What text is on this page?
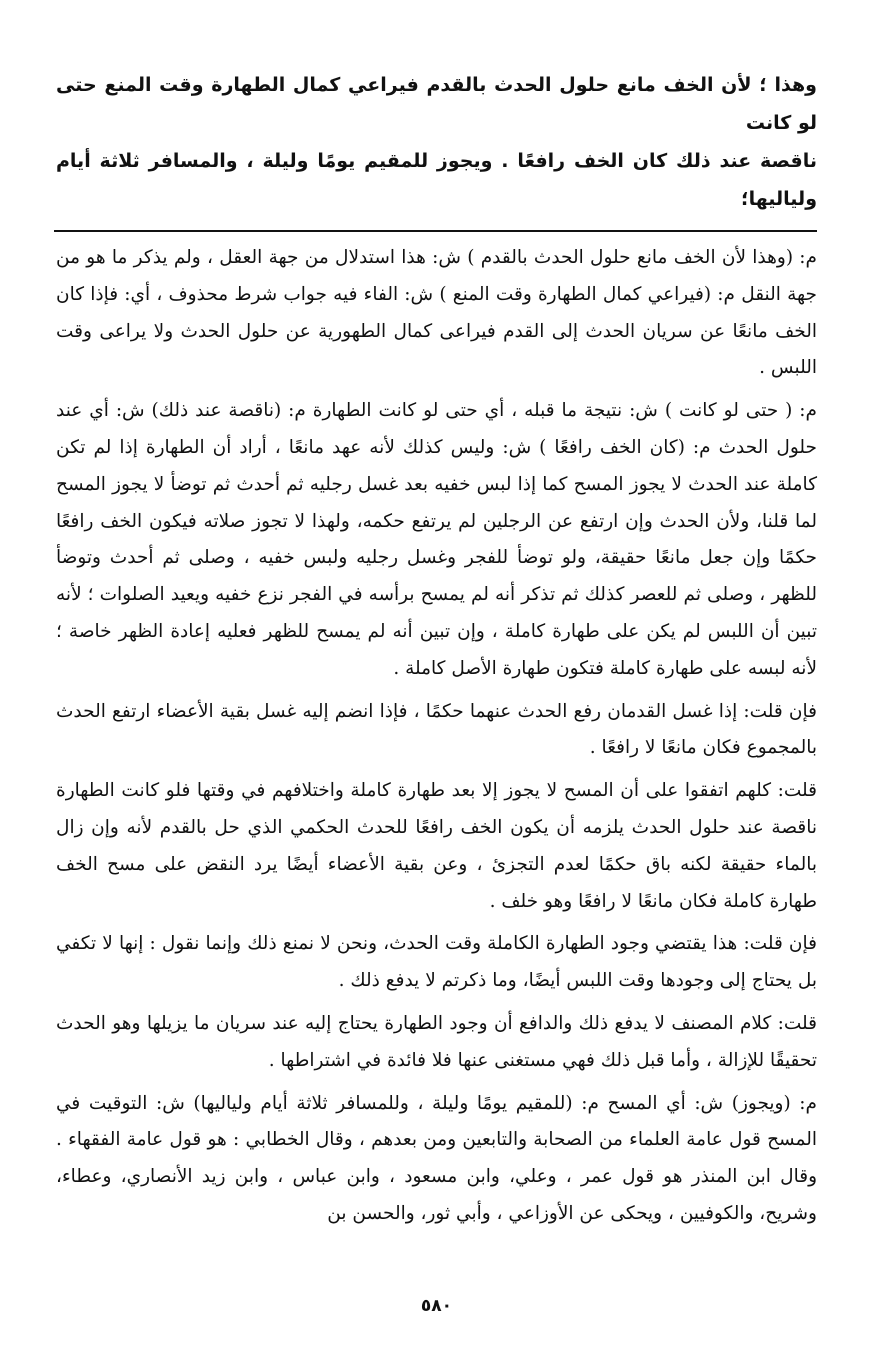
وهذا ؛ لأن الخف مانع حلول الحدث بالقدم فيراعي كمال الطهارة وقت المنع حتى لو كانت
ناقصة عند ذلك كان الخف رافعًا . ويجوز للمقيم يومًا وليلة ، والمسافر ثلاثة أيام ولياليها؛

م: (وهذا لأن الخف مانع حلول الحدث بالقدم ) ش: هذا استدلال من جهة العقل ، ولم يذكر ما هو من جهة النقل م: (فيراعي كمال الطهارة وقت المنع ) ش: الفاء فيه جواب شرط محذوف ، أي: فإذا كان الخف مانعًا عن سريان الحدث إلى القدم فيراعى كمال الطهورية عن حلول الحدث ولا يراعى وقت اللبس .

م: ( حتى لو كانت ) ش: نتيجة ما قبله ، أي حتى لو كانت الطهارة م: (ناقصة عند ذلك) ش: أي عند حلول الحدث م: (كان الخف رافعًا ) ش: وليس كذلك لأنه عهد مانعًا ، أراد أن الطهارة إذا لم تكن كاملة عند الحدث لا يجوز المسح كما إذا لبس خفيه بعد غسل رجليه ثم أحدث ثم توضأ لا يجوز المسح لما قلنا، ولأن الحدث وإن ارتفع عن الرجلين لم يرتفع حكمه، ولهذا لا تجوز صلاته فيكون الخف رافعًا حكمًا وإن جعل مانعًا حقيقة، ولو توضأ للفجر وغسل رجليه ولبس خفيه ، وصلى ثم أحدث وتوضأ للظهر ، وصلى ثم للعصر كذلك ثم تذكر أنه لم يمسح برأسه في الفجر نزع خفيه ويعيد الصلوات ؛ لأنه تبين أن اللبس لم يكن على طهارة كاملة ، وإن تبين أنه لم يمسح للظهر فعليه إعادة الظهر خاصة ؛ لأنه لبسه على طهارة كاملة فتكون طهارة الأصل كاملة .

فإن قلت: إذا غسل القدمان رفع الحدث عنهما حكمًا ، فإذا انضم إليه غسل بقية الأعضاء ارتفع الحدث بالمجموع فكان مانعًا لا رافعًا .

قلت: كلهم اتفقوا على أن المسح لا يجوز إلا بعد طهارة كاملة واختلافهم في وقتها فلو كانت الطهارة ناقصة عند حلول الحدث يلزمه أن يكون الخف رافعًا للحدث الحكمي الذي حل بالقدم لأنه وإن زال بالماء حقيقة لكنه باق حكمًا لعدم التجزئ ، وعن بقية الأعضاء أيضًا يرد النقض على مسح الخف طهارة كاملة فكان مانعًا لا رافعًا وهو خلف .

فإن قلت: هذا يقتضي وجود الطهارة الكاملة وقت الحدث، ونحن لا نمنع ذلك وإنما نقول : إنها لا تكفي بل يحتاج إلى وجودها وقت اللبس أيضًا، وما ذكرتم لا يدفع ذلك .

قلت: كلام المصنف لا يدفع ذلك والدافع أن وجود الطهارة يحتاج إليه عند سريان ما يزيلها وهو الحدث تحقيقًا للإزالة ، وأما قبل ذلك فهي مستغنى عنها فلا فائدة في اشتراطها .

م: (ويجوز) ش: أي المسح م: (للمقيم يومًا وليلة ، وللمسافر ثلاثة أيام ولياليها) ش: التوقيت في المسح قول عامة العلماء من الصحابة والتابعين ومن بعدهم ، وقال الخطابي : هو قول عامة الفقهاء . وقال ابن المنذر هو قول عمر ، وعلي، وابن مسعود ، وابن عباس ، وابن زيد الأنصاري، وعطاء، وشريح، والكوفيين ، ويحكى عن الأوزاعي ، وأبي ثور، والحسن بن

٥٨٠
